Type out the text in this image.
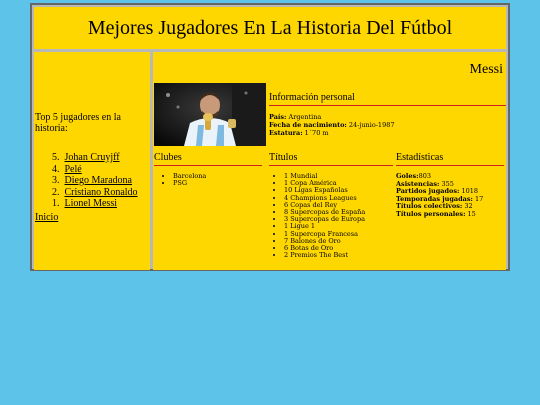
Mejores Jugadores En La Historia Del Fútbol
Top 5 jugadores en la historia:
5. Johan Cruyjff
4. Pelé
3. Diego Maradona
2. Cristiano Ronaldo
1. Lionel Messi
Inicio
Messi
Información personal
País: Argentina
Fecha de nacimiento: 24-junio-1987
Estatura: 1´70 m
Clubes
• Barcelona
• PSG
Títulos
• 1 Mundial
• 1 Copa América
• 10 Ligas Españolas
• 4 Champions Leagues
• 6 Copas del Rey
• 8 Supercopas de España
• 3 Supercopas de Europa
• 1 Ligue 1
• 1 Supercopa Francesa
• 7 Balones de Oro
• 6 Botas de Oro
• 2 Premios The Best
Estadísticas
Goles:803
Asistencias: 355
Partidos jugados: 1018
Temporadas jugadas: 17
Títulos colectivos: 32
Títulos personales: 15
